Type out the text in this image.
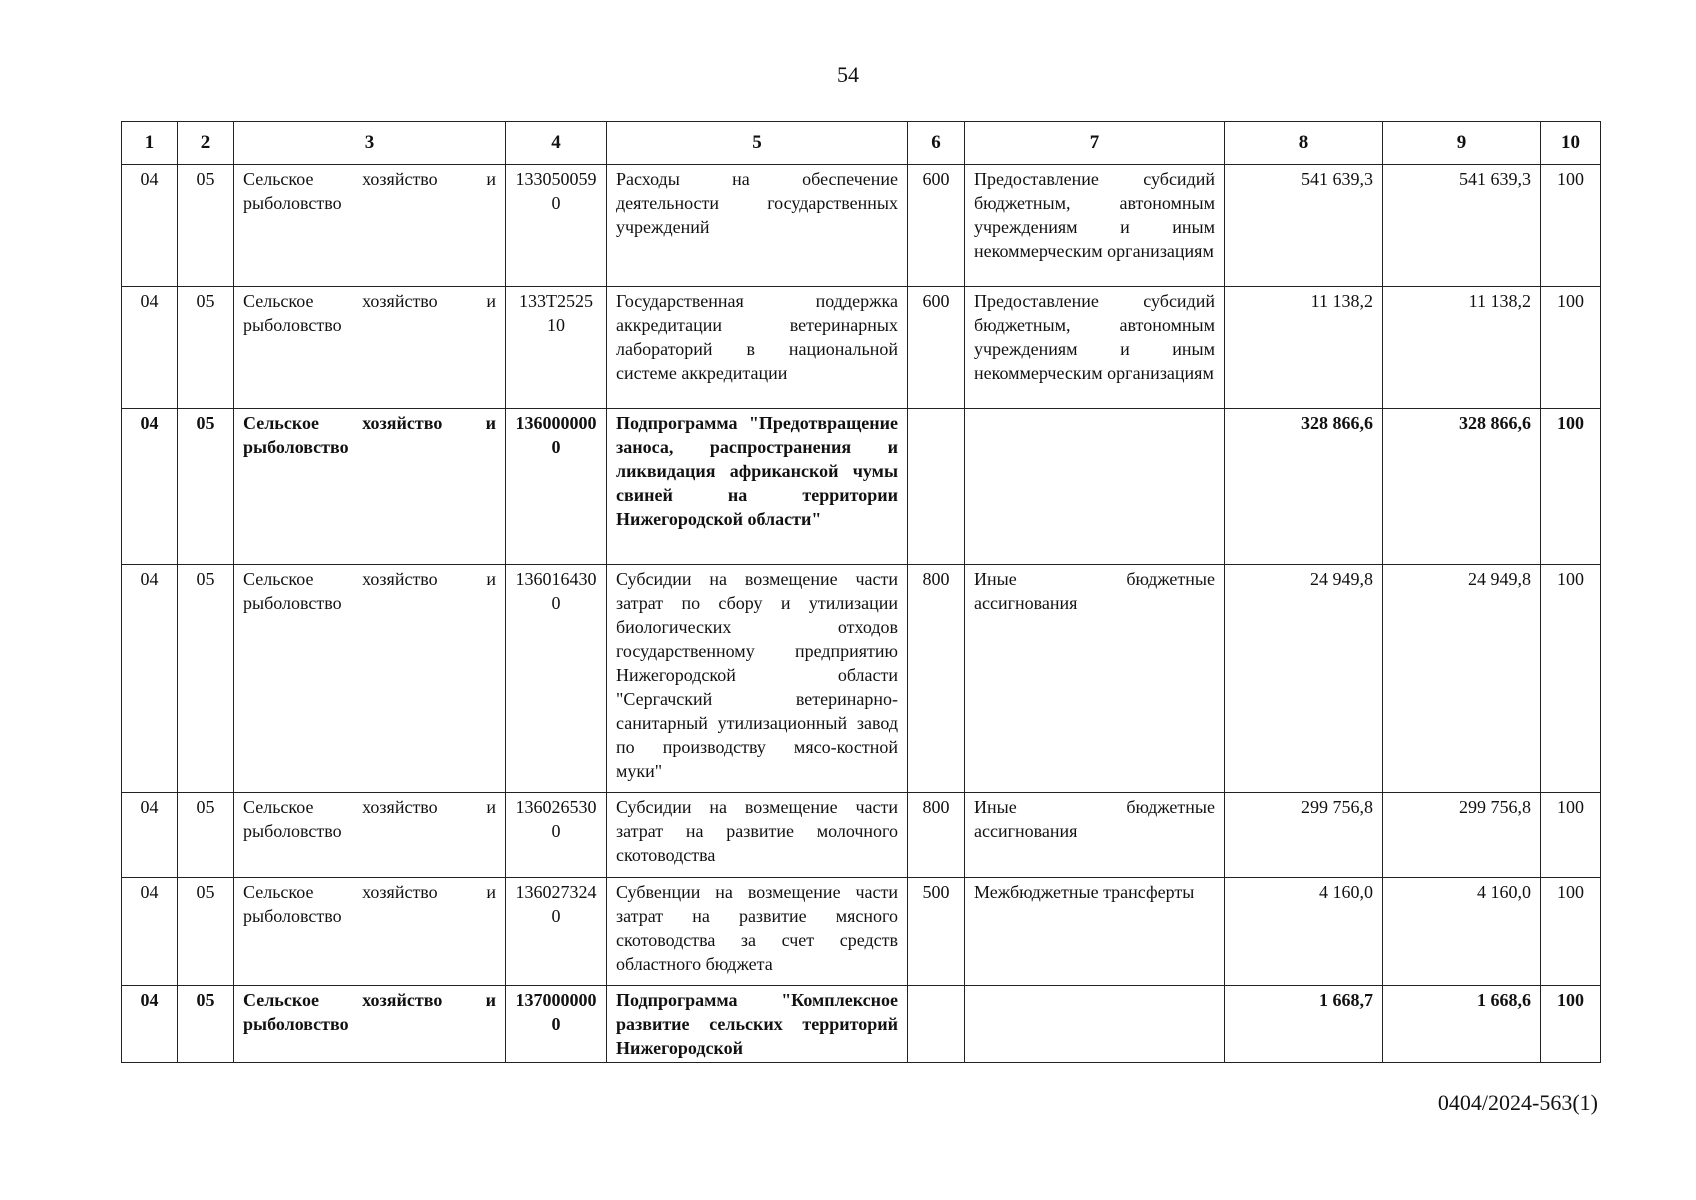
54
1	2	3	4	5	6	7	8	9	10
04	05	Сельское хозяйство и рыболовство	1330500590	Расходы на обеспечение деятельности государственных учреждений	600	Предоставление субсидий бюджетным, автономным учреждениям и иным некоммерческим организациям	541 639,3	541 639,3	100
04	05	Сельское хозяйство и рыболовство	133Т252510	Государственная поддержка аккредитации ветеринарных лабораторий в национальной системе аккредитации	600	Предоставление субсидий бюджетным, автономным учреждениям и иным некоммерческим организациям	11 138,2	11 138,2	100
04	05	Сельское хозяйство и рыболовство	1360000000	Подпрограмма "Предотвращение заноса, распространения и ликвидация африканской чумы свиней на территории Нижегородской области"			328 866,6	328 866,6	100
04	05	Сельское хозяйство и рыболовство	1360164300	Субсидии на возмещение части затрат по сбору и утилизации биологических отходов государственному предприятию Нижегородской области "Сергачский ветеринарно-санитарный утилизационный завод по производству мясо-костной муки"	800	Иные бюджетные ассигнования	24 949,8	24 949,8	100
04	05	Сельское хозяйство и рыболовство	1360265300	Субсидии на возмещение части затрат на развитие молочного скотоводства	800	Иные бюджетные ассигнования	299 756,8	299 756,8	100
04	05	Сельское хозяйство и рыболовство	1360273240	Субвенции на возмещение части затрат на развитие мясного скотоводства за счет средств областного бюджета	500	Межбюджетные трансферты	4 160,0	4 160,0	100
04	05	Сельское хозяйство и рыболовство	1370000000	Подпрограмма "Комплексное развитие сельских территорий Нижегородской			1 668,7	1 668,6	100
0404/2024-563(1)
